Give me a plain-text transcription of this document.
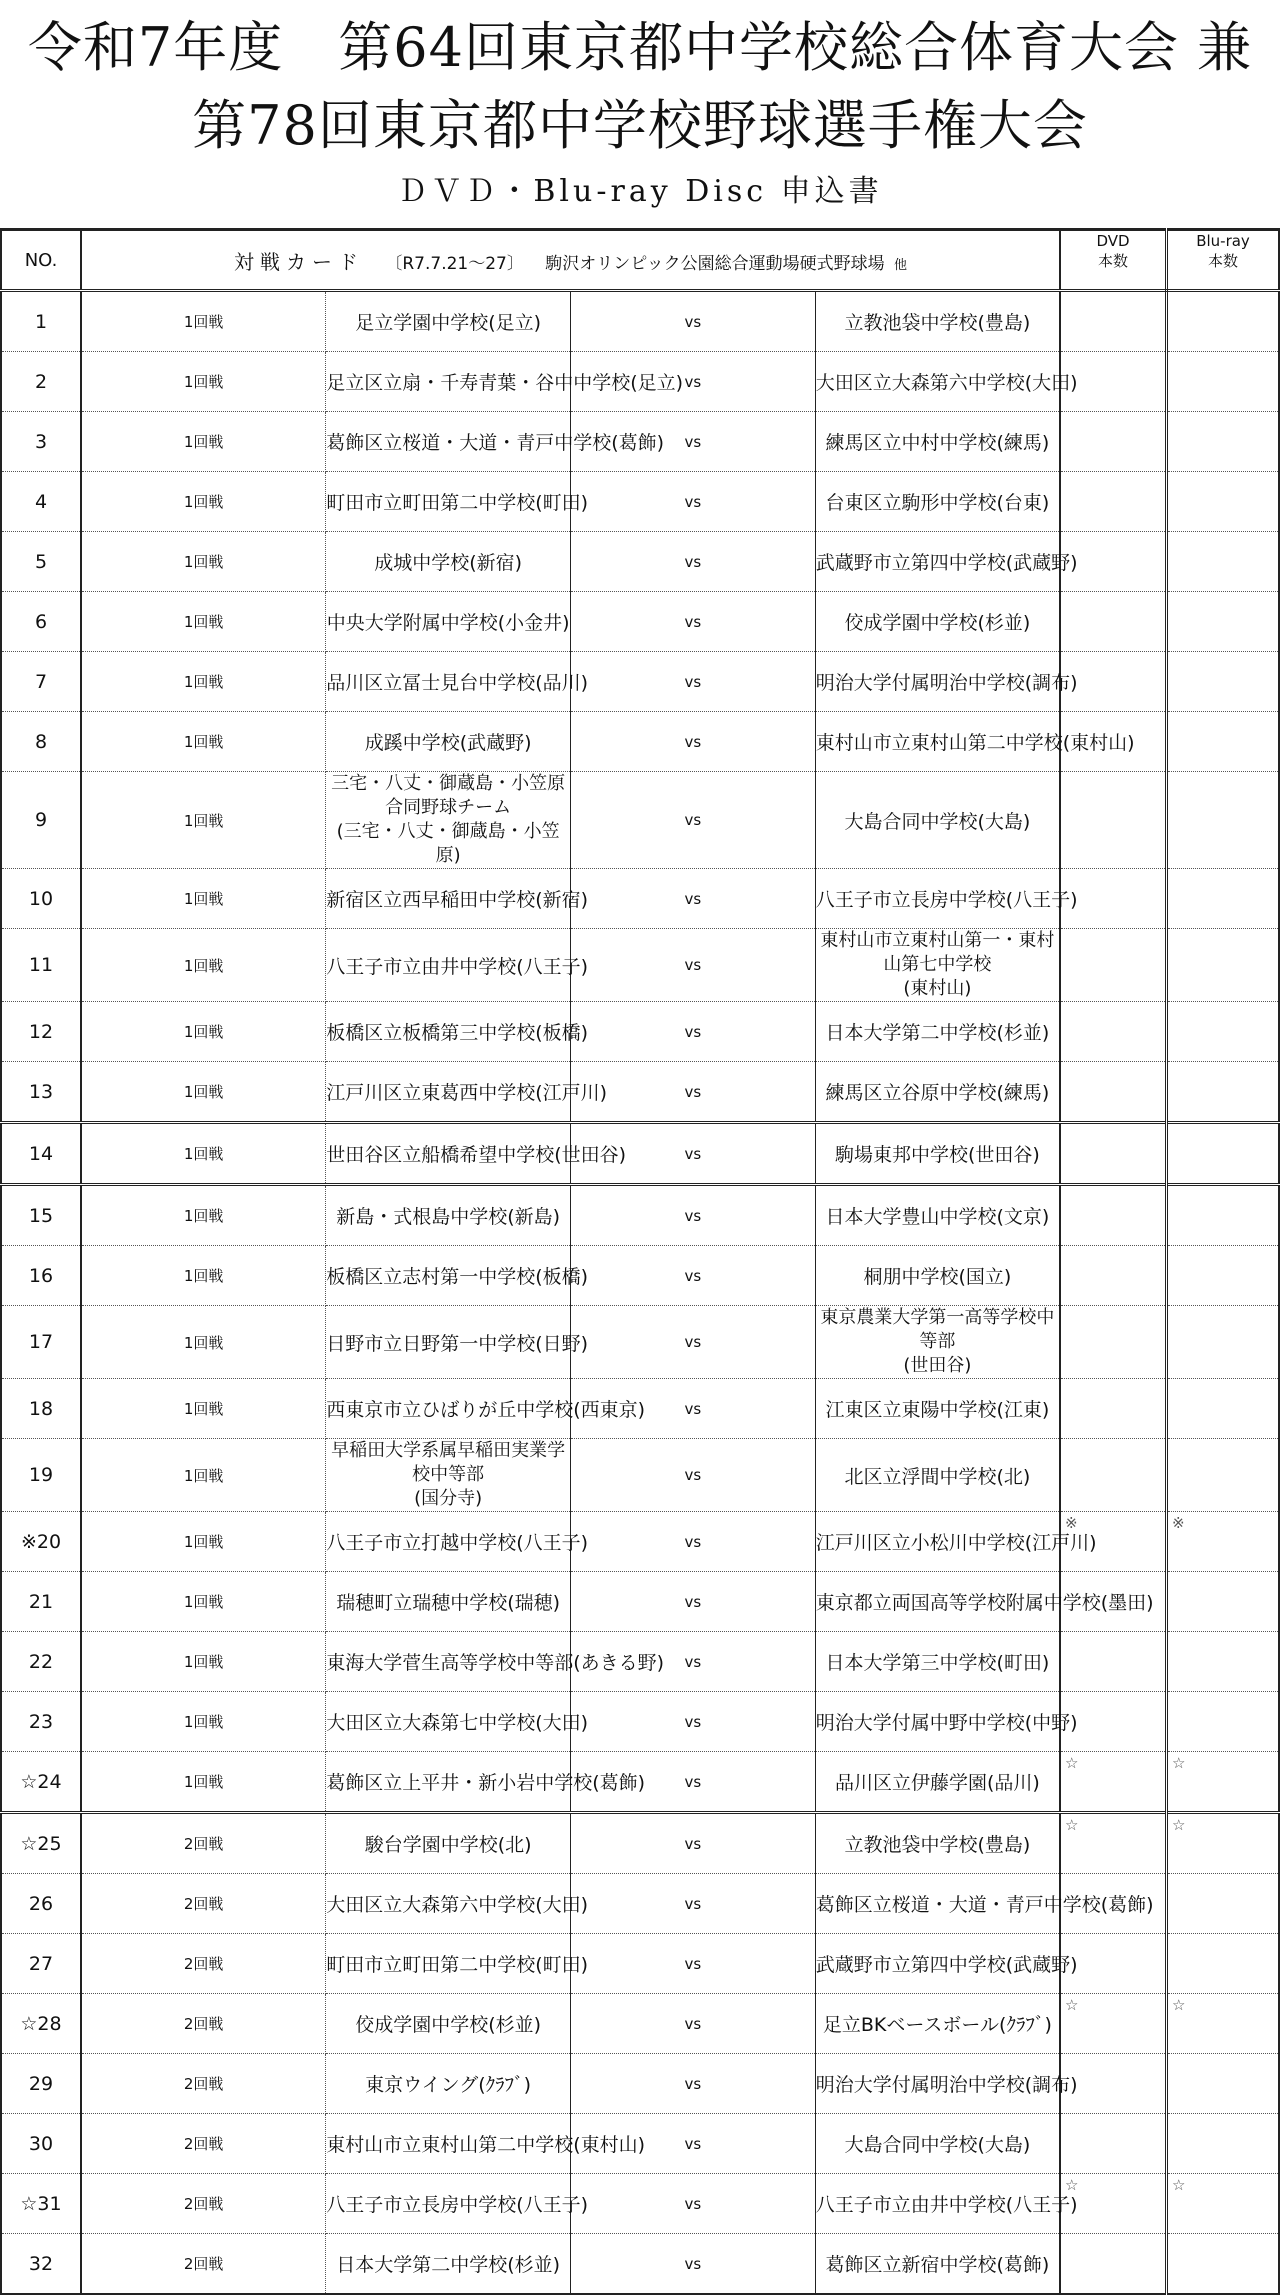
令和7年度　第64回東京都中学校総合体育大会 兼
第78回東京都中学校野球選手権大会
ＤＶＤ・Blu-ray Disc 申込書
NO.	対戦カード 〔R7.7.21～27〕 駒沢オリンピック公園総合運動場硬式野球場 他				DVD
本数	Blu-ray
本数
1	1回戦	足立学園中学校(足立)	vs	立教池袋中学校(豊島)	

2	1回戦	足立区立扇・千寿青葉・谷中中学校(足立)	vs	大田区立大森第六中学校(大田)	

3	1回戦	葛飾区立桜道・大道・青戸中学校(葛飾)	vs	練馬区立中村中学校(練馬)	

4	1回戦	町田市立町田第二中学校(町田)	vs	台東区立駒形中学校(台東)	

5	1回戦	成城中学校(新宿)	vs	武蔵野市立第四中学校(武蔵野)	

6	1回戦	中央大学附属中学校(小金井)	vs	佼成学園中学校(杉並)	

7	1回戦	品川区立冨士見台中学校(品川)	vs	明治大学付属明治中学校(調布)	

8	1回戦	成蹊中学校(武蔵野)	vs	東村山市立東村山第二中学校(東村山)	

9	1回戦	三宅・八丈・御蔵島・小笠原合同野球チーム
(三宅・八丈・御蔵島・小笠原)	vs	大島合同中学校(大島)	

10	1回戦	新宿区立西早稲田中学校(新宿)	vs	八王子市立長房中学校(八王子)	

11	1回戦	八王子市立由井中学校(八王子)	vs	東村山市立東村山第一・東村山第七中学校
(東村山)		

12	1回戦	板橋区立板橋第三中学校(板橋)	vs	日本大学第二中学校(杉並)	

13	1回戦	江戸川区立東葛西中学校(江戸川)	vs	練馬区立谷原中学校(練馬)	

14	1回戦	世田谷区立船橋希望中学校(世田谷)	vs	駒場東邦中学校(世田谷)	

15	1回戦	新島・式根島中学校(新島)	vs	日本大学豊山中学校(文京)	

16	1回戦	板橋区立志村第一中学校(板橋)	vs	桐朋中学校(国立)	

17	1回戦	日野市立日野第一中学校(日野)	vs	東京農業大学第一高等学校中等部
(世田谷)		

18	1回戦	西東京市立ひばりが丘中学校(西東京)	vs	江東区立東陽中学校(江東)	

19	1回戦	早稲田大学系属早稲田実業学校中等部
(国分寺)	vs	北区立浮間中学校(北)	

※20	1回戦	八王子市立打越中学校(八王子)	vs	江戸川区立小松川中学校(江戸川)	※	※

21	1回戦	瑞穂町立瑞穂中学校(瑞穂)	vs	東京都立両国高等学校附属中学校(墨田)	

22	1回戦	東海大学菅生高等学校中等部(あきる野)	vs	日本大学第三中学校(町田)	

23	1回戦	大田区立大森第七中学校(大田)	vs	明治大学付属中野中学校(中野)	

☆24	1回戦	葛飾区立上平井・新小岩中学校(葛飾)	vs	品川区立伊藤学園(品川)	☆	☆

☆25	2回戦	駿台学園中学校(北)	vs	立教池袋中学校(豊島)	☆	☆

26	2回戦	大田区立大森第六中学校(大田)	vs	葛飾区立桜道・大道・青戸中学校(葛飾)	

27	2回戦	町田市立町田第二中学校(町田)	vs	武蔵野市立第四中学校(武蔵野)	

☆28	2回戦	佼成学園中学校(杉並)	vs	足立BKベースボール(ｸﾗﾌﾞ)	☆	☆

29	2回戦	東京ウイング(ｸﾗﾌﾞ)	vs	明治大学付属明治中学校(調布)	

30	2回戦	東村山市立東村山第二中学校(東村山)	vs	大島合同中学校(大島)	

☆31	2回戦	八王子市立長房中学校(八王子)	vs	八王子市立由井中学校(八王子)	☆	☆

32	2回戦	日本大学第二中学校(杉並)	vs	葛飾区立新宿中学校(葛飾)	
